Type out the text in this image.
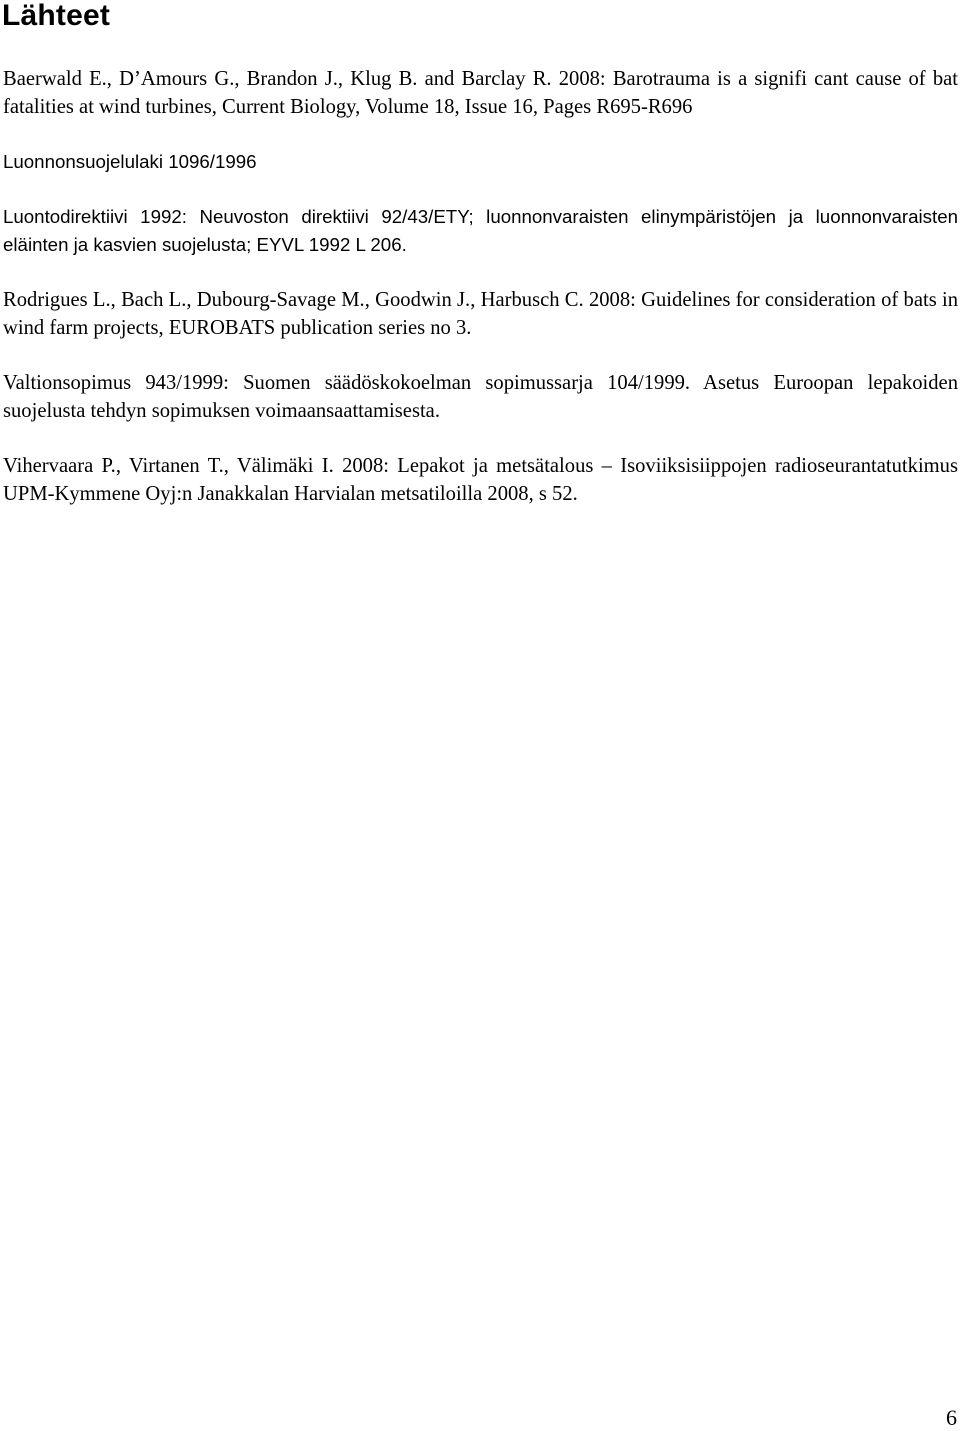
Lähteet
Baerwald E., D’Amours G., Brandon J., Klug B. and Barclay R. 2008: Barotrauma is a signifi cant cause of bat fatalities at wind turbines, Current Biology, Volume 18, Issue 16, Pages R695-R696
Luonnonsuojelulaki 1096/1996
Luontodirektiivi 1992: Neuvoston direktiivi 92/43/ETY; luonnonvaraisten elinympäristöjen ja luonnonvaraisten eläinten ja kasvien suojelusta; EYVL 1992 L 206.
Rodrigues L., Bach L., Dubourg-Savage M., Goodwin J., Harbusch C. 2008: Guidelines for consideration of bats in wind farm projects, EUROBATS publication series no 3.
Valtionsopimus 943/1999: Suomen säädöskokoelman sopimussarja 104/1999. Asetus Euroopan lepakoiden suojelusta tehdyn sopimuksen voimaansaattamisesta.
Vihervaara P., Virtanen T., Välimäki I. 2008: Lepakot ja metsätalous – Isoviiksisiippojen radioseurantatutkimus UPM-Kymmene Oyj:n Janakkalan Harvialan metsatiloilla 2008, s 52.
6
